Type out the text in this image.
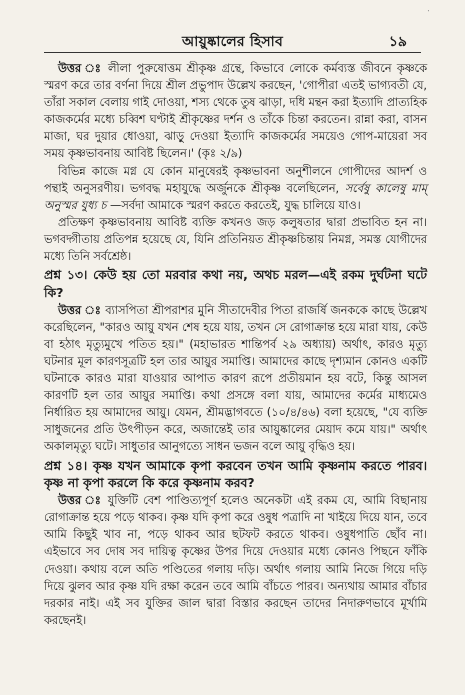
ॱ
আয়ুষ্কালের হিসাব	১৯

উত্তর ঃ লীলা পুরুষোত্তম শ্রীকৃষ্ণ গ্রন্থে, কিভাবে লোকে কর্মব্যস্ত জীবনে কৃষ্ণকে স্মরণ করে তার বর্ণনা দিয়ে শ্রীল প্রভুপাদ উল্লেখ করছেন, 'গোপীরা এতই ভাগ্যবতী যে, তাঁরা সকাল বেলায় গাই দোওয়া, শস্য থেকে তুষ ঝাড়া, দধি মন্থন করা ইত্যাদি প্রাত্যহিক কাজকর্মের মধ্যে চব্বিশ ঘণ্টাই শ্রীকৃষ্ণের দর্শন ও তাঁকে চিন্তা করতেন। রান্না করা, বাসন মাজা, ঘর দুয়ার ধোওয়া, ঝাড়ু দেওয়া ইত্যাদি কাজকর্মের সময়েও গোপ-মায়েরা সব সময় কৃষ্ণভাবনায় আবিষ্ট ছিলেন।' (কৃঃ ২/৯)

বিভিন্ন কাজে মগ্ন যে কোন মানুষেরই কৃষ্ণভাবনা অনুশীলনে গোপীদের আদর্শ ও পন্থাই অনুসরণীয়। ভগবদ্ধ মহাযুদ্ধে অর্জুনকে শ্রীকৃষ্ণ বলেছিলেন, সর্বেষু কালেষু মাম্ অনুস্মর যুধ্য চ —সর্বদা আমাকে স্মরণ করতে করতেই, যুদ্ধ চালিয়ে যাও।

প্রতিক্ষণ কৃষ্ণভাবনায় আবিষ্ট ব্যক্তি কখনও জড় কলুষতার দ্বারা প্রভাবিত হন না। ভগবদ্গীতায় প্রতিপন্ন হয়েছে যে, যিনি প্রতিনিয়ত শ্রীকৃষ্ণচিন্তায় নিমগ্ন, সমস্ত যোগীদের মধ্যে তিনি সর্বশ্রেষ্ঠ।

প্রশ্ন ১৩। কেউ হয় তো মরবার কথা নয়, অথচ মরল—এই রকম দুর্ঘটনা ঘটে কি?

উত্তর ঃ ব্যাসপিতা শ্রীপরাশর মুনি সীতাদেবীর পিতা রাজর্ষি জনককে কাছে উল্লেখ করেছিলেন, "কারও আয়ু যখন শেষ হয়ে যায়, তখন সে রোগাক্রান্ত হয়ে মারা যায়, কেউ বা হঠাৎ মৃত্যুমুখে পতিত হয়।" (মহাভারত শান্তিপর্ব ২৯ অধ্যায়) অর্থাৎ, কারও মৃত্যু ঘটনার মূল কারণসূত্রটি হল তার আয়ুর সমাপ্তি। আমাদের কাছে দৃশ্যমান কোনও একটি ঘটনাকে কারও মারা যাওয়ার আপাত কারণ রূপে প্রতীয়মান হয় বটে, কিন্তু আসল কারণটি হল তার আয়ুর সমাপ্তি। কথা প্রসঙ্গে বলা যায়, আমাদের কর্মের মাধ্যমেও নির্ধারিত হয় আমাদের আয়ু। যেমন, শ্রীমদ্ভাগবতে (১০/৪/৪৬) বলা হয়েছে, "যে ব্যক্তি সাধুজনের প্রতি উৎপীড়ন করে, অজান্তেই তার আয়ুষ্কালের মেয়াদ কমে যায়।" অর্থাৎ অকালমৃত্যু ঘটে। সাধুতার আনুগত্যে সাধন ভজন বলে আয়ু বৃদ্ধিও হয়।

প্রশ্ন ১৪। কৃষ্ণ যখন আমাকে কৃপা করবেন তখন আমি কৃষ্ণনাম করতে পারব। কৃষ্ণ না কৃপা করলে কি করে কৃষ্ণনাম করব?

উত্তর ঃ যুক্তিটি বেশ পাণ্ডিত্যপূর্ণ হলেও অনেকটা এই রকম যে, আমি বিছানায় রোগাক্রান্ত হয়ে পড়ে থাকব। কৃষ্ণ যদি কৃপা করে ওষুধ পত্রাদি না খাইয়ে দিয়ে যান, তবে আমি কিছুই খাব না, পড়ে থাকব আর ছটফট করতে থাকব। ওষুধপাতি ছোঁব না। এইভাবে সব দোষ সব দায়িত্ব কৃষ্ণের উপর দিয়ে দেওয়ার মধ্যে কোনও পিছনে ফাঁকি দেওয়া। কথায় বলে অতি পণ্ডিতের গলায় দড়ি। অর্থাৎ গলায় আমি নিজে গিয়ে দড়ি দিয়ে ঝুলব আর কৃষ্ণ যদি রক্ষা করেন তবে আমি বাঁচতে পারব। অন্যথায় আমার বাঁচার দরকার নাই। এই সব যুক্তির জাল দ্বারা বিস্তার করছেন তাদের নিদারুণভাবে মূর্খামি করছেনই।
